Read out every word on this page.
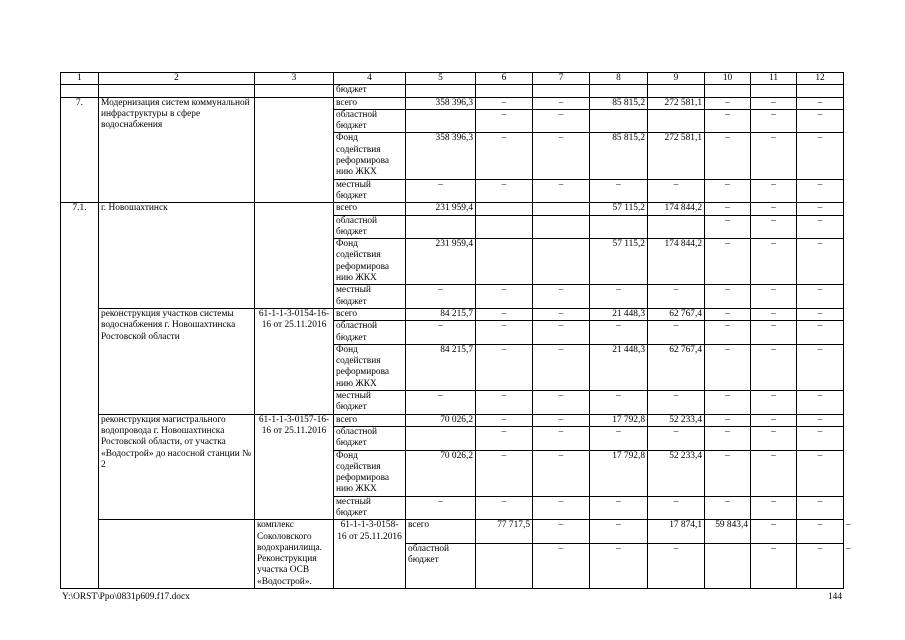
1	2	3	4	5	6	7	8	9	10	11	12	
			бюджет									
7.	Модернизация систем коммунальной инфраструктуры в сфере водоснабжения		всего	358 396,3	–	–	85 815,2	272 581,1	–	–	–	
			областной бюджет		–	–			–	–	–	
			Фонд содействия реформирова нию ЖКХ	358 396,3	–	–	85 815,2	272 581,1	–	–	–	
			местный бюджет	–	–	–	–	–	–	–	–	
7.1.	г. Новошахтинск		всего	231 959,4			57 115,2	174 844,2	–	–	–	
			областной бюджет						–	–	–	
			Фонд содействия реформирова нию ЖКХ	231 959,4			57 115,2	174 844,2	–	–	–	
			местный бюджет	–	–	–	–	–	–	–	–	
	реконструкция участков системы водоснабжения г. Новошахтинска Ростовской области	61-1-1-3-0154-16-16 от 25.11.2016	всего	84 215,7	–	–	21 448,3	62 767,4	–	–	–	
			областной бюджет	–	–	–	–	–	–	–	–	
			Фонд содействия реформирова нию ЖКХ	84 215,7	–	–	21 448,3	62 767,4	–	–	–	
			местный бюджет	–	–	–	–	–	–	–	–	
	реконструкция магистрального водопровода г. Новошахтинска Ростовской области, от участка «Водострой» до насосной станции № 2	61-1-1-3-0157-16-16 от 25.11.2016	всего	70 026,2	–	–	17 792,8	52 233,4	–	–	–	
			областной бюджет		–	–	–	–	–	–	–	
			Фонд содействия реформирова нию ЖКХ	70 026,2	–	–	17 792,8	52 233,4	–	–	–	
			местный бюджет	–	–	–	–	–	–	–	–	
		комплекс Соколовского водохранилища. Реконструкция участка ОСВ «Водострой».	61-1-1-3-0158-16 от 25.11.2016	всего	77 717,5	–	–	17 874,1	59 843,4	–	–	–
				областной бюджет		–	–	–		–	–	–
Y:\ORST\Ppo\0831p609.f17.docx	144
